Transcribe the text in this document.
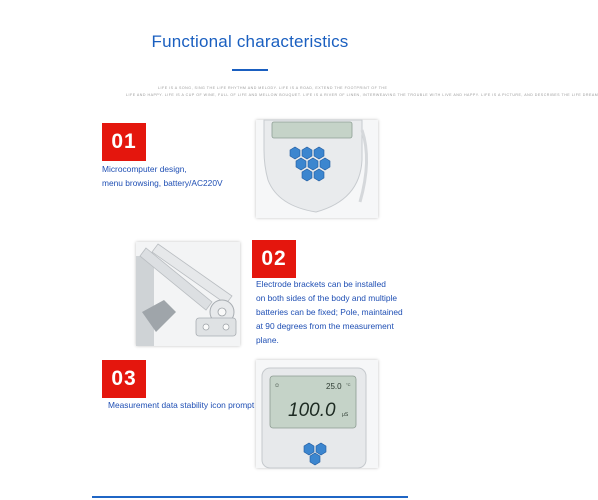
Functional characteristics
LIFE IS A SONG, SING THE LIFE RHYTHM AND MELODY. LIFE IS A ROAD, EXTEND THE FOOTPRINT OF THE
LIFE AND HAPPY. LIFE IS A CUP OF WINE, FULL OF LIFE AND MELLOW BOUQUET. LIFE IS A RIVER OF LINEN, INTERWEAVING THE TROUBLE WITH LIVE AND HAPPY. LIFE IS A PICTURE, AND DESCRIBES THE LIFE DREAM
01
Microcomputer design,
menu browsing, battery/AC220V
02
Electrode brackets can be installed
on both sides of the body and multiple
batteries can be fixed; Pole, maintained
at 90 degrees from the measurement
plane.
03
Measurement data stability icon prompt
☺	25.0 °C
100.0 μS
